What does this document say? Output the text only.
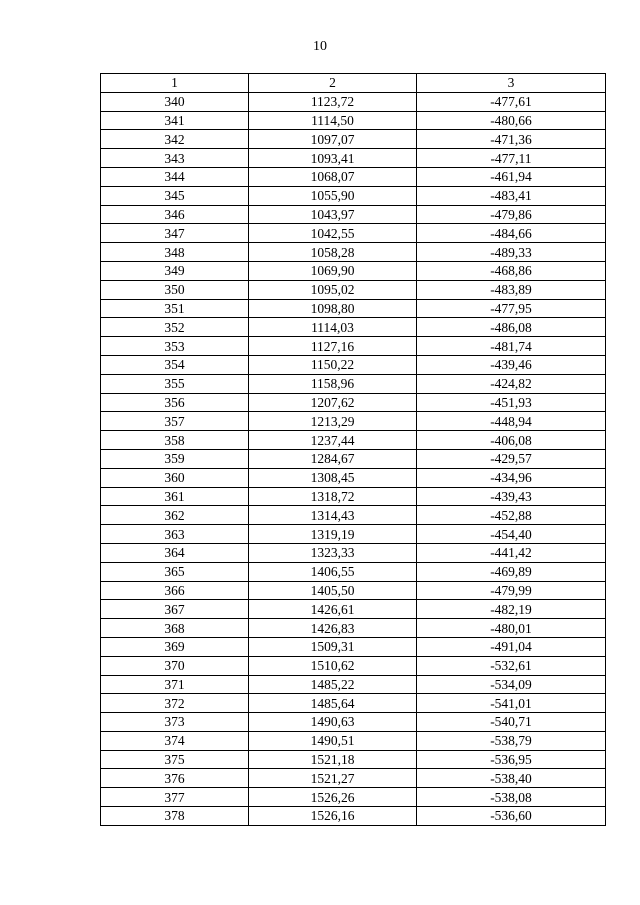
10
1	2	3
340	1123,72	-477,61
341	1114,50	-480,66
342	1097,07	-471,36
343	1093,41	-477,11
344	1068,07	-461,94
345	1055,90	-483,41
346	1043,97	-479,86
347	1042,55	-484,66
348	1058,28	-489,33
349	1069,90	-468,86
350	1095,02	-483,89
351	1098,80	-477,95
352	1114,03	-486,08
353	1127,16	-481,74
354	1150,22	-439,46
355	1158,96	-424,82
356	1207,62	-451,93
357	1213,29	-448,94
358	1237,44	-406,08
359	1284,67	-429,57
360	1308,45	-434,96
361	1318,72	-439,43
362	1314,43	-452,88
363	1319,19	-454,40
364	1323,33	-441,42
365	1406,55	-469,89
366	1405,50	-479,99
367	1426,61	-482,19
368	1426,83	-480,01
369	1509,31	-491,04
370	1510,62	-532,61
371	1485,22	-534,09
372	1485,64	-541,01
373	1490,63	-540,71
374	1490,51	-538,79
375	1521,18	-536,95
376	1521,27	-538,40
377	1526,26	-538,08
378	1526,16	-536,60
